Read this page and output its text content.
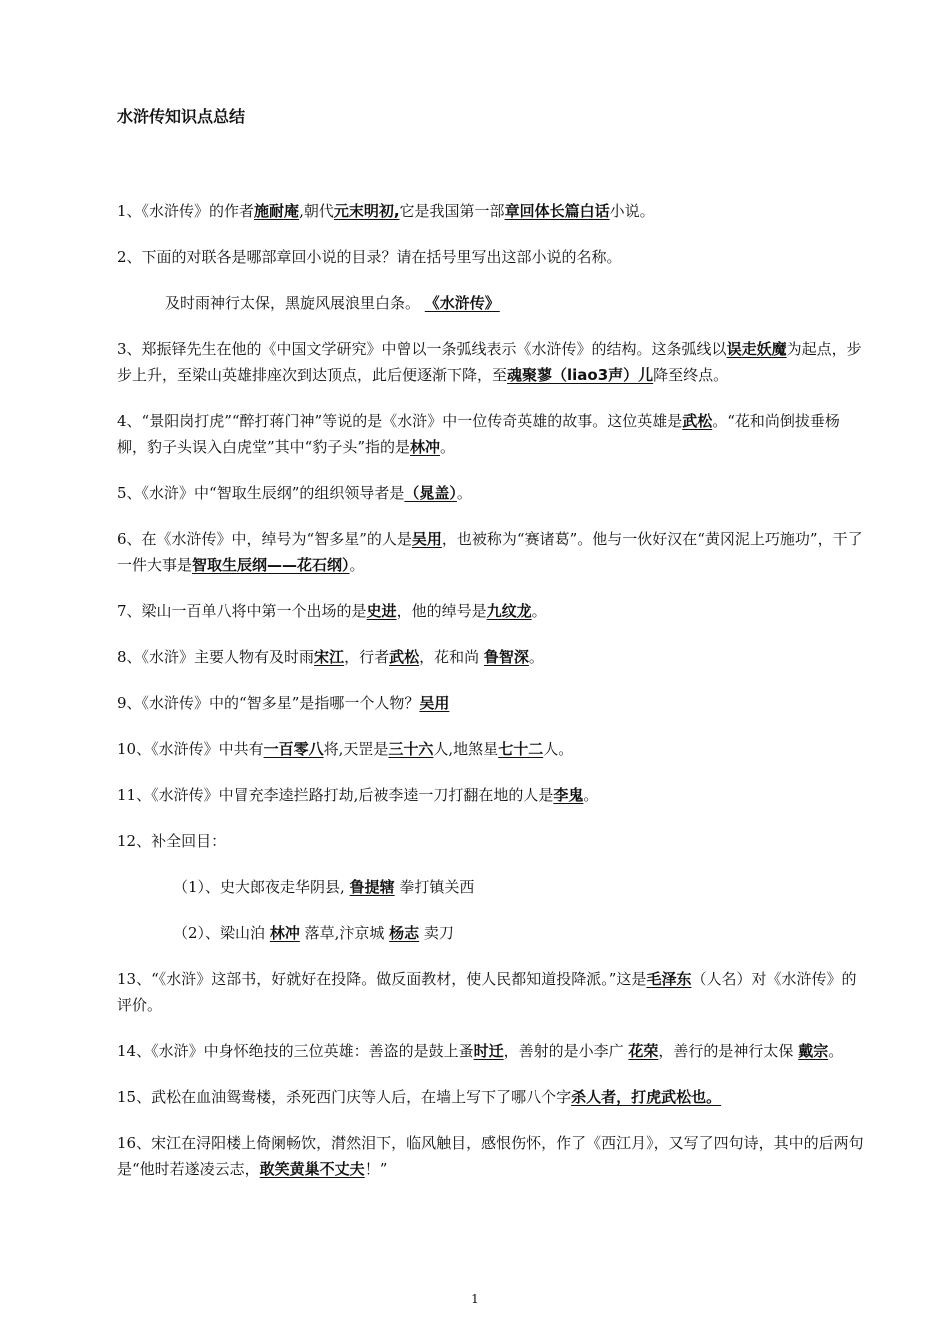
水浒传知识点总结
1、《水浒传》的作者施耐庵,朝代元末明初,它是我国第一部章回体长篇白话小说。
2、下面的对联各是哪部章回小说的目录？请在括号里写出这部小说的名称。
及时雨神行太保，黑旋风展浪里白条。 《水浒传》
3、郑振铎先生在他的《中国文学研究》中曾以一条弧线表示《水浒传》的结构。这条弧线以误走妖魔为起点，步步上升，至梁山英雄排座次到达顶点，此后便逐渐下降，至魂聚蓼（liao3声）儿降至终点。
4、“景阳岗打虎”“醉打蒋门神”等说的是《水浒》中一位传奇英雄的故事。这位英雄是武松。“花和尚倒拔垂杨柳，豹子头误入白虎堂”其中“豹子头”指的是林冲。
5、《水浒》中“智取生辰纲”的组织领导者是（晁盖）。
6、在《水浒传》中，绰号为“智多星”的人是吴用，也被称为“赛诸葛”。他与一伙好汉在“黄冈泥上巧施功”，干了一件大事是智取生辰纲——花石纲）。
7、梁山一百单八将中第一个出场的是史进，他的绰号是九纹龙。
8、《水浒》主要人物有及时雨宋江，行者武松，花和尚 鲁智深。
9、《水浒传》中的“智多星”是指哪一个人物？吴用
10、《水浒传》中共有一百零八将,天罡是三十六人,地煞星七十二人。
11、《水浒传》中冒充李逵拦路打劫,后被李逵一刀打翻在地的人是李鬼。
12、补全回目：
（1）、史大郎夜走华阴县, 鲁提辖 拳打镇关西
（2）、梁山泊 林冲 落草,汴京城 杨志 卖刀
13、“《水浒》这部书，好就好在投降。做反面教材，使人民都知道投降派。”这是毛泽东（人名）对《水浒传》的评价。
14、《水浒》中身怀绝技的三位英雄：善盗的是鼓上蚤时迁，善射的是小李广 花荣，善行的是神行太保 戴宗。
15、武松在血油鸳鸯楼，杀死西门庆等人后，在墙上写下了哪八个字杀人者，打虎武松也。
16、宋江在浔阳楼上倚阑畅饮，潸然泪下，临风触目，感恨伤怀，作了《西江月》，又写了四句诗，其中的后两句是“他时若遂凌云志，敢笑黄巢不丈夫！”
1
